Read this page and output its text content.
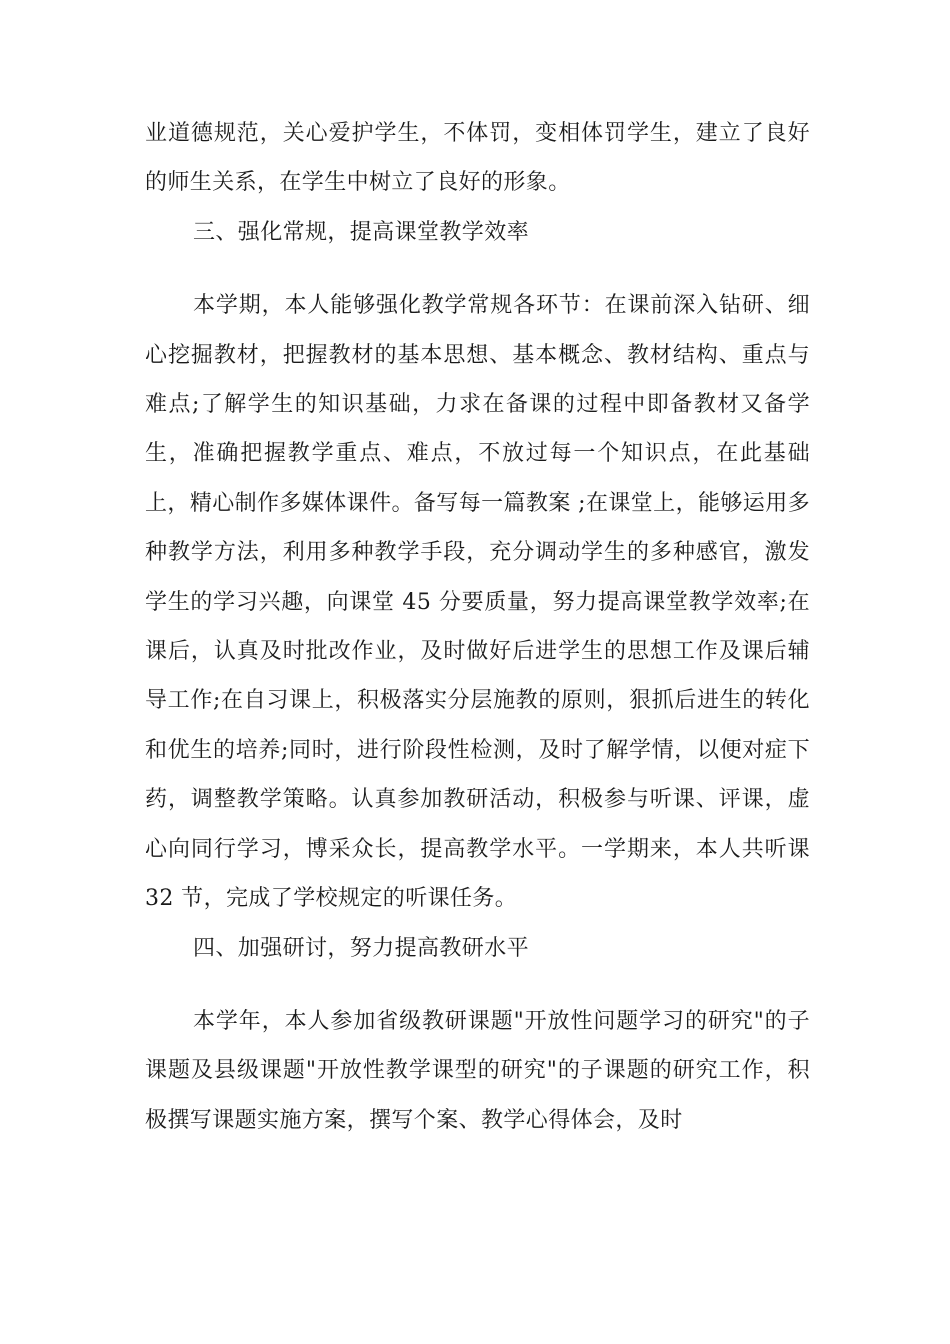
业道德规范，关心爱护学生，不体罚，变相体罚学生，建立了良好的师生关系，在学生中树立了良好的形象。

三、强化常规，提高课堂教学效率

本学期，本人能够强化教学常规各环节：在课前深入钻研、细心挖掘教材，把握教材的基本思想、基本概念、教材结构、重点与难点;了解学生的知识基础，力求在备课的过程中即备教材又备学生，准确把握教学重点、难点，不放过每一个知识点，在此基础上，精心制作多媒体课件。备写每一篇教案 ;在课堂上，能够运用多种教学方法，利用多种教学手段，充分调动学生的多种感官，激发学生的学习兴趣，向课堂 45 分要质量，努力提高课堂教学效率;在课后，认真及时批改作业，及时做好后进学生的思想工作及课后辅导工作;在自习课上，积极落实分层施教的原则，狠抓后进生的转化和优生的培养;同时，进行阶段性检测，及时了解学情，以便对症下药，调整教学策略。认真参加教研活动，积极参与听课、评课，虚心向同行学习，博采众长，提高教学水平。一学期来，本人共听课 32 节，完成了学校规定的听课任务。

四、加强研讨，努力提高教研水平

本学年，本人参加省级教研课题"开放性问题学习的研究"的子课题及县级课题"开放性教学课型的研究"的子课题的研究工作，积极撰写课题实施方案，撰写个案、教学心得体会，及时
